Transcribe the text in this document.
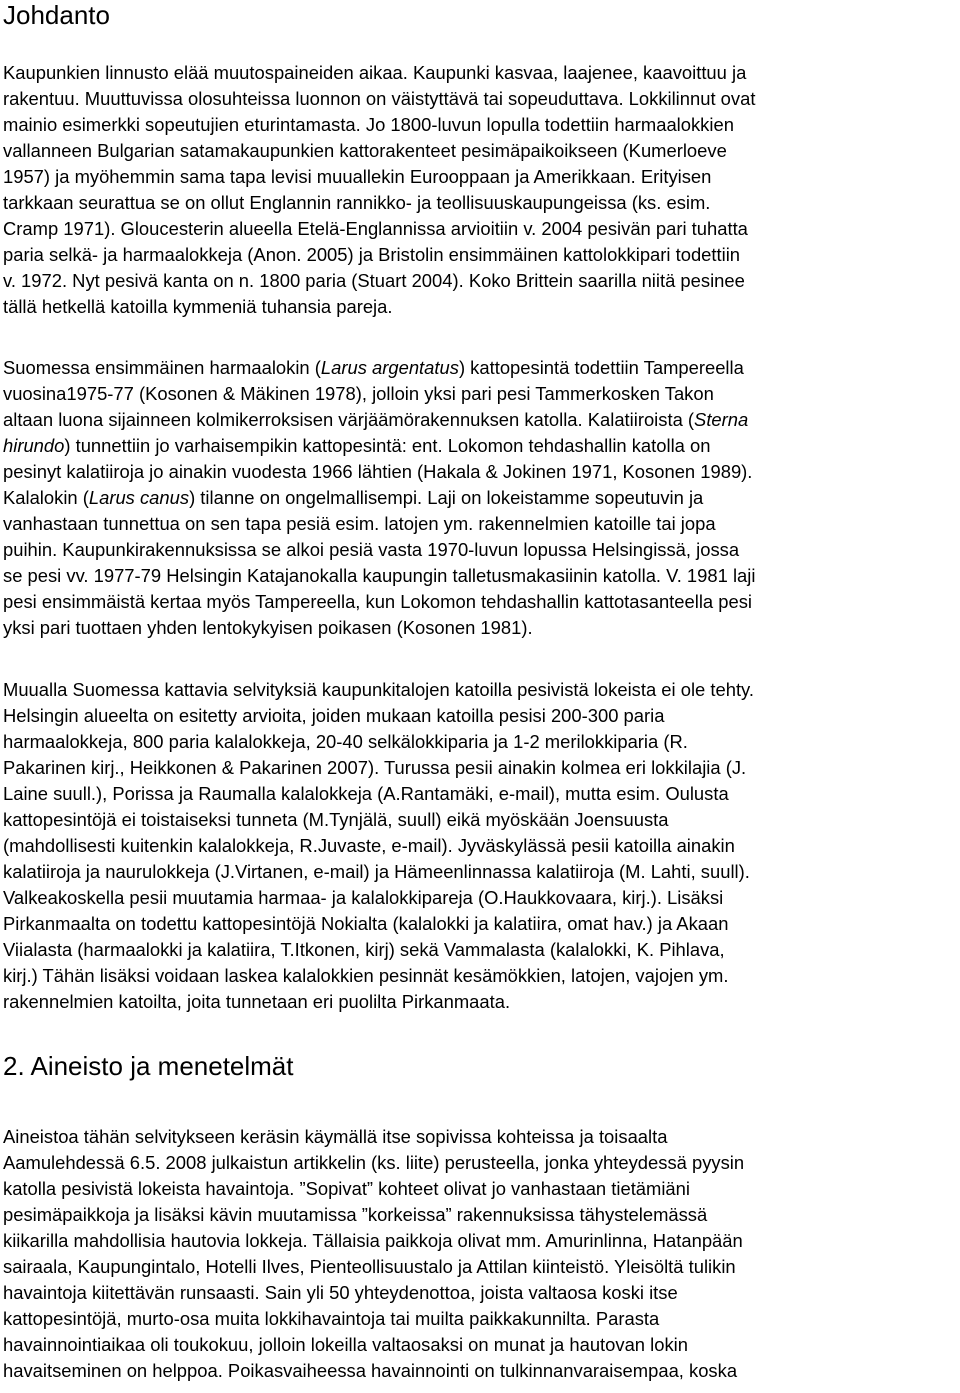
Johdanto
Kaupunkien linnusto elää muutospaineiden aikaa. Kaupunki kasvaa, laajenee, kaavoittuu ja
rakentuu. Muuttuvissa olosuhteissa luonnon on väistyttävä tai sopeuduttava. Lokkilinnut ovat
mainio esimerkki sopeutujien eturintamasta. Jo 1800-luvun lopulla todettiin harmaalokkien
vallanneen Bulgarian satamakaupunkien kattorakenteet pesimäpaikoikseen (Kumerloeve
1957) ja myöhemmin sama tapa levisi muuallekin Eurooppaan ja Amerikkaan. Erityisen
tarkkaan seurattua se on ollut Englannin rannikko- ja teollisuuskaupungeissa (ks. esim.
Cramp 1971). Gloucesterin alueella Etelä-Englannissa arvioitiin v. 2004 pesivän pari tuhatta
paria selkä- ja harmaalokkeja (Anon. 2005) ja Bristolin ensimmäinen kattolokkipari todettiin
v. 1972. Nyt pesivä kanta on n. 1800 paria (Stuart 2004). Koko Brittein saarilla niitä pesinee
tällä hetkellä katoilla kymmeniä tuhansia pareja.
Suomessa ensimmäinen harmaalokin (Larus argentatus) kattopesintä todettiin Tampereella
vuosina1975-77 (Kosonen & Mäkinen 1978), jolloin yksi pari pesi Tammerkosken Takon
altaan luona sijainneen kolmikerroksisen värjäämörakennuksen katolla. Kalatiiroista (Sterna
hirundo) tunnettiin jo varhaisempikin kattopesintä: ent. Lokomon tehdashallin katolla on
pesinyt kalatiiroja jo ainakin vuodesta 1966 lähtien (Hakala & Jokinen 1971, Kosonen 1989).
Kalalokin (Larus canus) tilanne on ongelmallisempi. Laji on lokeistamme sopeutuvin ja
vanhastaan tunnettua on sen tapa pesiä esim. latojen ym. rakennelmien katoille tai jopa
puihin. Kaupunkirakennuksissa se alkoi pesiä vasta 1970-luvun lopussa Helsingissä, jossa
se pesi vv. 1977-79 Helsingin Katajanokalla kaupungin talletusmakasiinin katolla. V. 1981 laji
pesi ensimmäistä kertaa myös Tampereella, kun Lokomon tehdashallin kattotasanteella pesi
yksi pari tuottaen yhden lentokykyisen poikasen (Kosonen 1981).
Muualla Suomessa kattavia selvityksiä kaupunkitalojen katoilla pesivistä lokeista ei ole tehty.
Helsingin alueelta on esitetty arvioita, joiden mukaan katoilla pesisi 200-300 paria
harmaalokkeja, 800 paria kalalokkeja, 20-40 selkälokkiparia ja 1-2 merilokkiparia (R.
Pakarinen kirj., Heikkonen & Pakarinen 2007). Turussa pesii ainakin kolmea eri lokkilajia (J.
Laine suull.), Porissa ja Raumalla kalalokkeja (A.Rantamäki, e-mail), mutta esim. Oulusta
kattopesintöjä ei toistaiseksi tunneta (M.Tynjälä, suull) eikä myöskään Joensuusta
(mahdollisesti kuitenkin kalalokkeja, R.Juvaste, e-mail). Jyväskylässä pesii katoilla ainakin
kalatiiroja ja naurulokkeja (J.Virtanen, e-mail) ja Hämeenlinnassa kalatiiroja (M. Lahti, suull).
Valkeakoskella pesii muutamia harmaa- ja kalalokkipareja (O.Haukkovaara, kirj.). Lisäksi
Pirkanmaalta on todettu kattopesintöjä Nokialta (kalalokki ja kalatiira, omat hav.) ja Akaan
Viialasta (harmaalokki ja kalatiira, T.Itkonen, kirj) sekä Vammalasta (kalalokki, K. Pihlava,
kirj.) Tähän lisäksi voidaan laskea kalalokkien pesinnät kesämökkien, latojen, vajojen ym.
rakennelmien katoilta, joita tunnetaan eri puolilta Pirkanmaata.
2. Aineisto ja menetelmät
Aineistoa tähän selvitykseen keräsin käymällä itse sopivissa kohteissa ja toisaalta
Aamulehdessä 6.5. 2008 julkaistun artikkelin (ks. liite) perusteella, jonka yhteydessä pyysin
katolla pesivistä lokeista havaintoja. ”Sopivat” kohteet olivat jo vanhastaan tietämiäni
pesimäpaikkoja ja lisäksi kävin muutamissa ”korkeissa” rakennuksissa tähystelemässä
kiikarilla mahdollisia hautovia lokkeja. Tällaisia paikkoja olivat mm. Amurinlinna, Hatanpään
sairaala, Kaupungintalo, Hotelli Ilves, Pienteollisuustalo ja Attilan kiinteistö. Yleisöltä tulikin
havaintoja kiitettävän runsaasti. Sain yli 50 yhteydenottoa, joista valtaosa koski itse
kattopesintöjä, murto-osa muita lokkihavaintoja tai muilta paikkakunnilta. Parasta
havainnointiaikaa oli toukokuu, jolloin lokeilla valtaosaksi on munat ja hautovan lokin
havaitseminen on helppoa. Poikasvaiheessa havainnointi on tulkinnanvaraisempaa, koska
